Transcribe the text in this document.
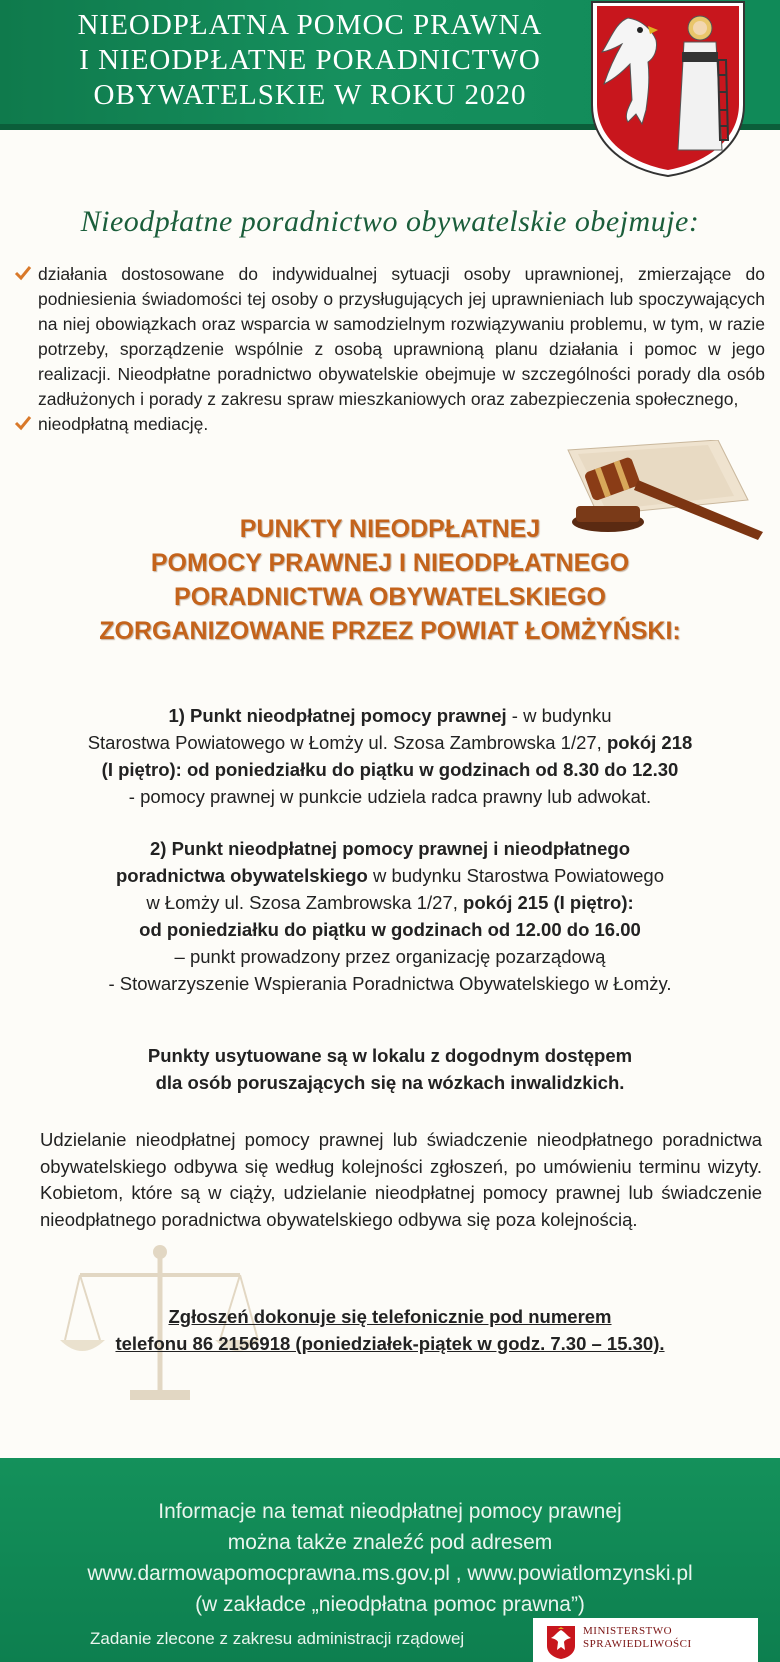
NIEODPŁATNA POMOC PRAWNA
I NIEODPŁATNE PORADNICTWO
OBYWATELSKIE W ROKU 2020
Nieodpłatne poradnictwo obywatelskie obejmuje:
działania dostosowane do indywidualnej sytuacji osoby uprawnionej, zmierzające do podniesienia świadomości tej osoby o przysługujących jej uprawnieniach lub spoczywających na niej obowiązkach oraz wsparcia w samodzielnym rozwiązywaniu problemu, w tym, w razie potrzeby, sporządzenie wspólnie z osobą uprawnioną planu działania i pomoc w jego realizacji. Nieodpłatne poradnictwo obywatelskie obejmuje w szczególności porady dla osób zadłużonych i porady z zakresu spraw mieszkaniowych oraz zabezpieczenia społecznego,
nieodpłatną mediację.
PUNKTY NIEODPŁATNEJ
POMOCY PRAWNEJ I NIEODPŁATNEGO
PORADNICTWA OBYWATELSKIEGO
ZORGANIZOWANE PRZEZ POWIAT ŁOMŻYŃSKI:
1) Punkt nieodpłatnej pomocy prawnej - w budynku
Starostwa Powiatowego w Łomży ul. Szosa Zambrowska 1/27, pokój 218
(I piętro): od poniedziałku do piątku w godzinach od 8.30 do 12.30
- pomocy prawnej w punkcie udziela radca prawny lub adwokat.
2) Punkt nieodpłatnej pomocy prawnej i nieodpłatnego
poradnictwa obywatelskiego w budynku Starostwa Powiatowego
w Łomży ul. Szosa Zambrowska 1/27, pokój 215 (I piętro):
od poniedziałku do piątku w godzinach od 12.00 do 16.00
– punkt prowadzony przez organizację pozarządową
- Stowarzyszenie Wspierania Poradnictwa Obywatelskiego w Łomży.
Punkty usytuowane są w lokalu z dogodnym dostępem
dla osób poruszających się na wózkach inwalidzkich.
Udzielanie nieodpłatnej pomocy prawnej lub świadczenie nieodpłatnego poradnictwa obywatelskiego odbywa się według kolejności zgłoszeń, po umówieniu terminu wizyty. Kobietom, które są w ciąży, udzielanie nieodpłatnej pomocy prawnej lub świadczenie nieodpłatnego poradnictwa obywatelskiego odbywa się poza kolejnością.
Zgłoszeń dokonuje się telefonicznie pod numerem
telefonu 86 2156918 (poniedziałek-piątek w godz. 7.30 – 15.30).
Informacje na temat nieodpłatnej pomocy prawnej
można także znaleźć pod adresem
www.darmowapomocprawna.ms.gov.pl , www.powiatlomzynski.pl
(w zakładce „nieodpłatna pomoc prawna”)
Zadanie zlecone z zakresu administracji rządowej	MINISTERSTWO
SPRAWIEDLIWOŚCI
